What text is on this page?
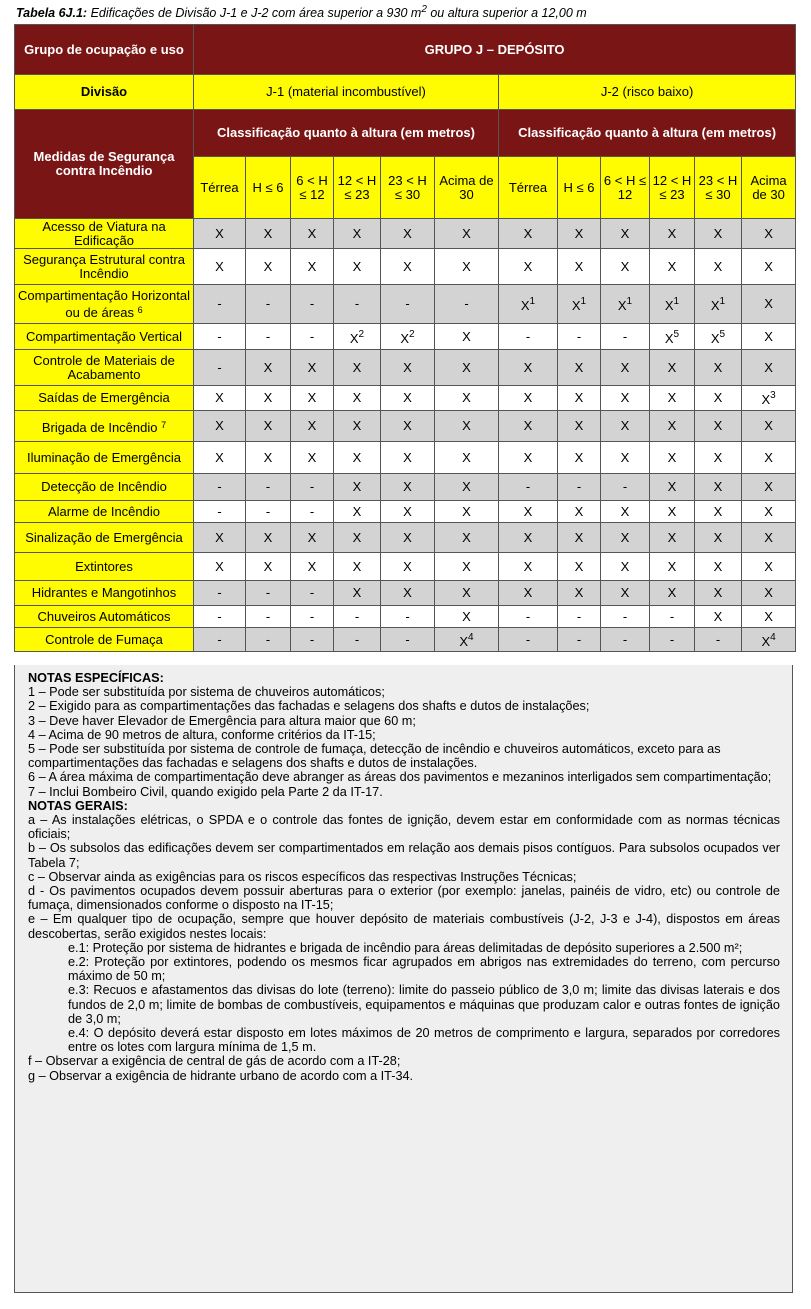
Tabela 6J.1: Edificações de Divisão J-1 e J-2 com área superior a 930 $m^2$ ou altura superior a 12,00 m
Grupo de ocupação e uso	GRUPO J – DEPÓSITO											
Divisão	J-1 (material incombustível)						J-2 (risco baixo)					
Medidas de Segurança contra Incêndio	Classificação quanto à altura (em metros)						Classificação quanto à altura (em metros)					
	Térrea	H ≤ 6	6 < H ≤ 12	12 < H ≤ 23	23 < H ≤ 30	Acima de 30	Térrea	H ≤ 6	6 < H ≤ 12	12 < H ≤ 23	23 < H ≤ 30	Acima de 30
Acesso de Viatura na Edificação	X	X	X	X	X	X	X	X	X	X	X	X
Segurança Estrutural contra Incêndio	X	X	X	X	X	X	X	X	X	X	X	X
Compartimentação Horizontal ou de áreas $^6$	-	-	-	-	-	-	$X^1$	$X^1$	$X^1$	$X^1$	$X^1$	X
Compartimentação Vertical	-	-	-	$X^2$	$X^2$	X	-	-	-	$X^5$	$X^5$	X
Controle de Materiais de Acabamento	-	X	X	X	X	X	X	X	X	X	X	X
Saídas de Emergência	X	X	X	X	X	X	X	X	X	X	X	$X^3$
Brigada de Incêndio $^7$	X	X	X	X	X	X	X	X	X	X	X	X
Iluminação de Emergência	X	X	X	X	X	X	X	X	X	X	X	X
Detecção de Incêndio	-	-	-	X	X	X	-	-	-	X	X	X
Alarme de Incêndio	-	-	-	X	X	X	X	X	X	X	X	X
Sinalização de Emergência	X	X	X	X	X	X	X	X	X	X	X	X
Extintores	X	X	X	X	X	X	X	X	X	X	X	X
Hidrantes e Mangotinhos	-	-	-	X	X	X	X	X	X	X	X	X
Chuveiros Automáticos	-	-	-	-	-	X	-	-	-	-	X	X
Controle de Fumaça	-	-	-	-	-	$X^4$	-	-	-	-	-	$X^4$

NOTAS ESPECÍFICAS:

1 – Pode ser substituída por sistema de chuveiros automáticos;

2 – Exigido para as compartimentações das fachadas e selagens dos shafts e dutos de instalações;

3 – Deve haver Elevador de Emergência para altura maior que 60 m;

4 – Acima de 90 metros de altura, conforme critérios da IT-15;

5 – Pode ser substituída por sistema de controle de fumaça, detecção de incêndio e chuveiros automáticos, exceto para as compartimentações das fachadas e selagens dos shafts e dutos de instalações.

6 – A área máxima de compartimentação deve abranger as áreas dos pavimentos e mezaninos interligados sem compartimentação;

7 – Inclui Bombeiro Civil, quando exigido pela Parte 2 da IT-17.

NOTAS GERAIS:

a – As instalações elétricas, o SPDA e o controle das fontes de ignição, devem estar em conformidade com as normas técnicas oficiais;

b – Os subsolos das edificações devem ser compartimentados em relação aos demais pisos contíguos. Para subsolos ocupados ver Tabela 7;

c – Observar ainda as exigências para os riscos específicos das respectivas Instruções Técnicas;

d - Os pavimentos ocupados devem possuir aberturas para o exterior (por exemplo: janelas, painéis de vidro, etc) ou controle de fumaça, dimensionados conforme o disposto na IT-15;

e – Em qualquer tipo de ocupação, sempre que houver depósito de materiais combustíveis (J-2, J-3 e J-4), dispostos em áreas descobertas, serão exigidos nestes locais:

e.1: Proteção por sistema de hidrantes e brigada de incêndio para áreas delimitadas de depósito superiores a 2.500 m²;

e.2: Proteção por extintores, podendo os mesmos ficar agrupados em abrigos nas extremidades do terreno, com percurso máximo de 50 m;

e.3: Recuos e afastamentos das divisas do lote (terreno): limite do passeio público de 3,0 m; limite das divisas laterais e dos fundos de 2,0 m; limite de bombas de combustíveis, equipamentos e máquinas que produzam calor e outras fontes de ignição de 3,0 m;

e.4: O depósito deverá estar disposto em lotes máximos de 20 metros de comprimento e largura, separados por corredores entre os lotes com largura mínima de 1,5 m.

f – Observar a exigência de central de gás de acordo com a IT-28;

g – Observar a exigência de hidrante urbano de acordo com a IT-34.
